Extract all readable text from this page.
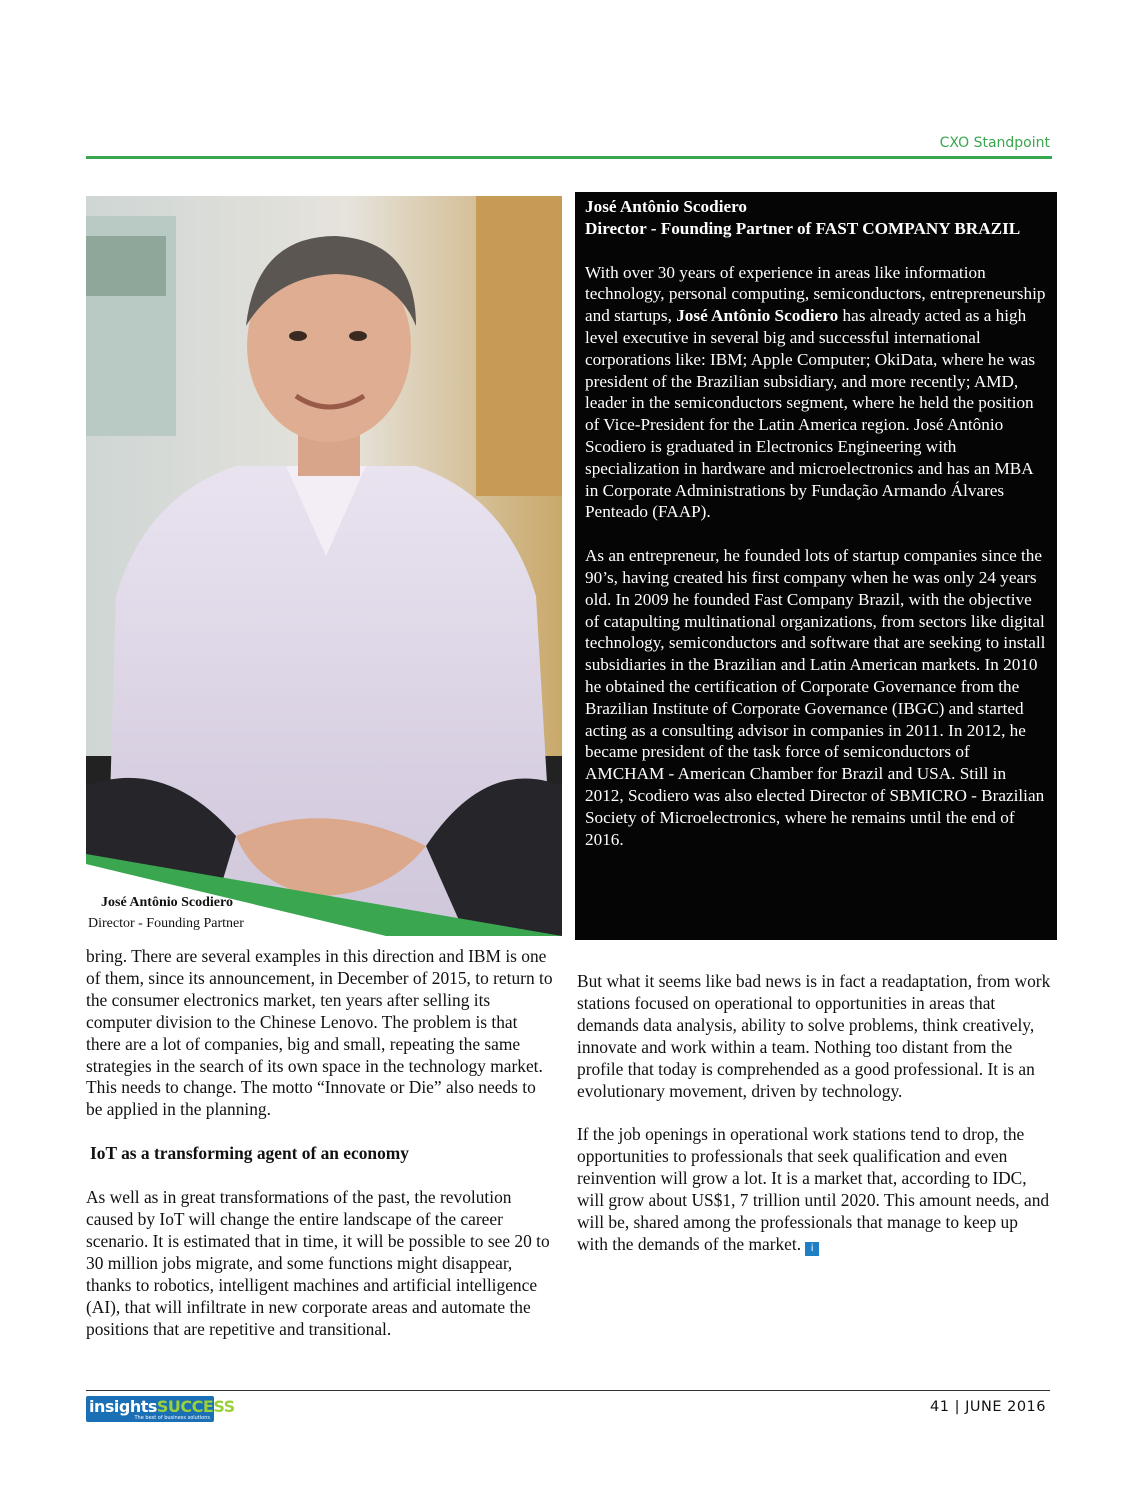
CXO Standpoint
José Antônio Scodiero
Director - Founding Partner

José Antônio Scodiero
Director - Founding Partner of FAST COMPANY BRAZIL

With over 30 years of experience in areas like information technology, personal computing, semiconductors, entrepreneurship and startups, José Antônio Scodiero has already acted as a high level executive in several big and successful international corporations like: IBM; Apple Computer; OkiData, where he was president of the Brazilian subsidiary, and more recently; AMD, leader in the semiconductors segment, where he held the position of Vice-President for the Latin America region. José Antônio Scodiero is graduated in Electronics Engineering with specialization in hardware and microelectronics and has an MBA in Corporate Administrations by Fundação Armando Álvares Penteado (FAAP).

As an entrepreneur, he founded lots of startup companies since the 90’s, having created his first company when he was only 24 years old. In 2009 he founded Fast Company Brazil, with the objective of catapulting multinational organizations, from sectors like digital technology, semiconductors and software that are seeking to install subsidiaries in the Brazilian and Latin American markets. In 2010 he obtained the certification of Corporate Governance from the Brazilian Institute of Corporate Governance (IBGC) and started acting as a consulting advisor in companies in 2011. In 2012, he became president of the task force of semiconductors of AMCHAM - American Chamber for Brazil and USA. Still in 2012, Scodiero was also elected Director of SBMICRO - Brazilian Society of Microelectronics, where he remains until the end of 2016.

bring. There are several examples in this direction and IBM is one of them, since its announcement, in December of 2015, to return to the consumer electronics market, ten years after selling its computer division to the Chinese Lenovo. The problem is that there are a lot of companies, big and small, repeating the same strategies in the search of its own space in the technology market. This needs to change. The motto “Innovate or Die” also needs to be applied in the planning.

IoT as a transforming agent of an economy

As well as in great transformations of the past, the revolution caused by IoT will change the entire landscape of the career scenario. It is estimated that in time, it will be possible to see 20 to 30 million jobs migrate, and some functions might disappear, thanks to robotics, intelligent machines and artificial intelligence (AI), that will infiltrate in new corporate areas and automate the positions that are repetitive and transitional.

But what it seems like bad news is in fact a readaptation, from work stations focused on operational to opportunities in areas that demands data analysis, ability to solve problems, think creatively, innovate and work within a team. Nothing too distant from the profile that today is comprehended as a good professional. It is an evolutionary movement, driven by technology.

If the job openings in operational work stations tend to drop, the opportunities to professionals that seek qualification and even reinvention will grow a lot. It is a market that, according to IDC, will grow about US$1, 7 trillion until 2020. This amount needs, and will be, shared among the professionals that manage to keep up with the demands of the market. i

insightsSUCCESS
The best of business solutions
41 | JUNE 2016
